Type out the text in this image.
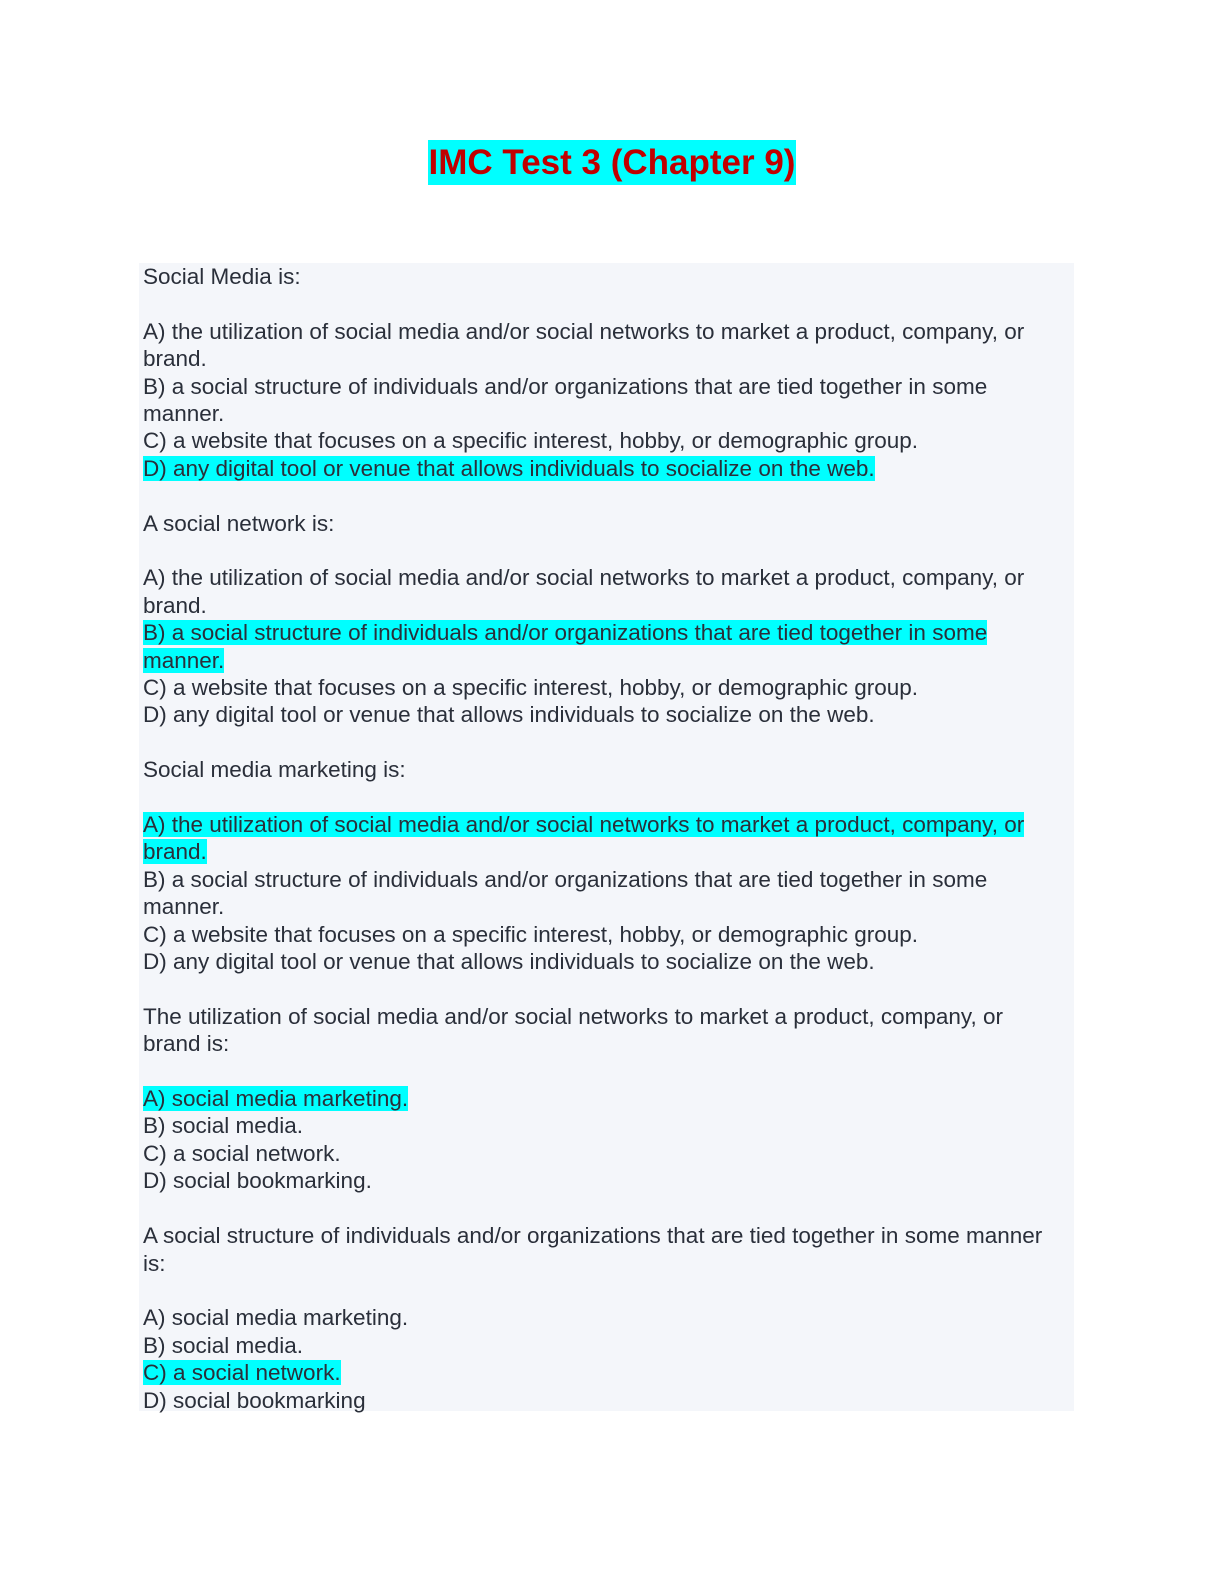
IMC Test 3 (Chapter 9)

Social Media is:

A) the utilization of social media and/or social networks to market a product, company, or brand.

B) a social structure of individuals and/or organizations that are tied together in some manner.

C) a website that focuses on a specific interest, hobby, or demographic group.

D) any digital tool or venue that allows individuals to socialize on the web.

A social network is:

A) the utilization of social media and/or social networks to market a product, company, or brand.

B) a social structure of individuals and/or organizations that are tied together in some manner.

C) a website that focuses on a specific interest, hobby, or demographic group.

D) any digital tool or venue that allows individuals to socialize on the web.

Social media marketing is:

A) the utilization of social media and/or social networks to market a product, company, or brand.

B) a social structure of individuals and/or organizations that are tied together in some manner.

C) a website that focuses on a specific interest, hobby, or demographic group.

D) any digital tool or venue that allows individuals to socialize on the web.

The utilization of social media and/or social networks to market a product, company, or brand is:

A) social media marketing.

B) social media.

C) a social network.

D) social bookmarking.

A social structure of individuals and/or organizations that are tied together in some manner is:

A) social media marketing.

B) social media.

C) a social network.

D) social bookmarking
